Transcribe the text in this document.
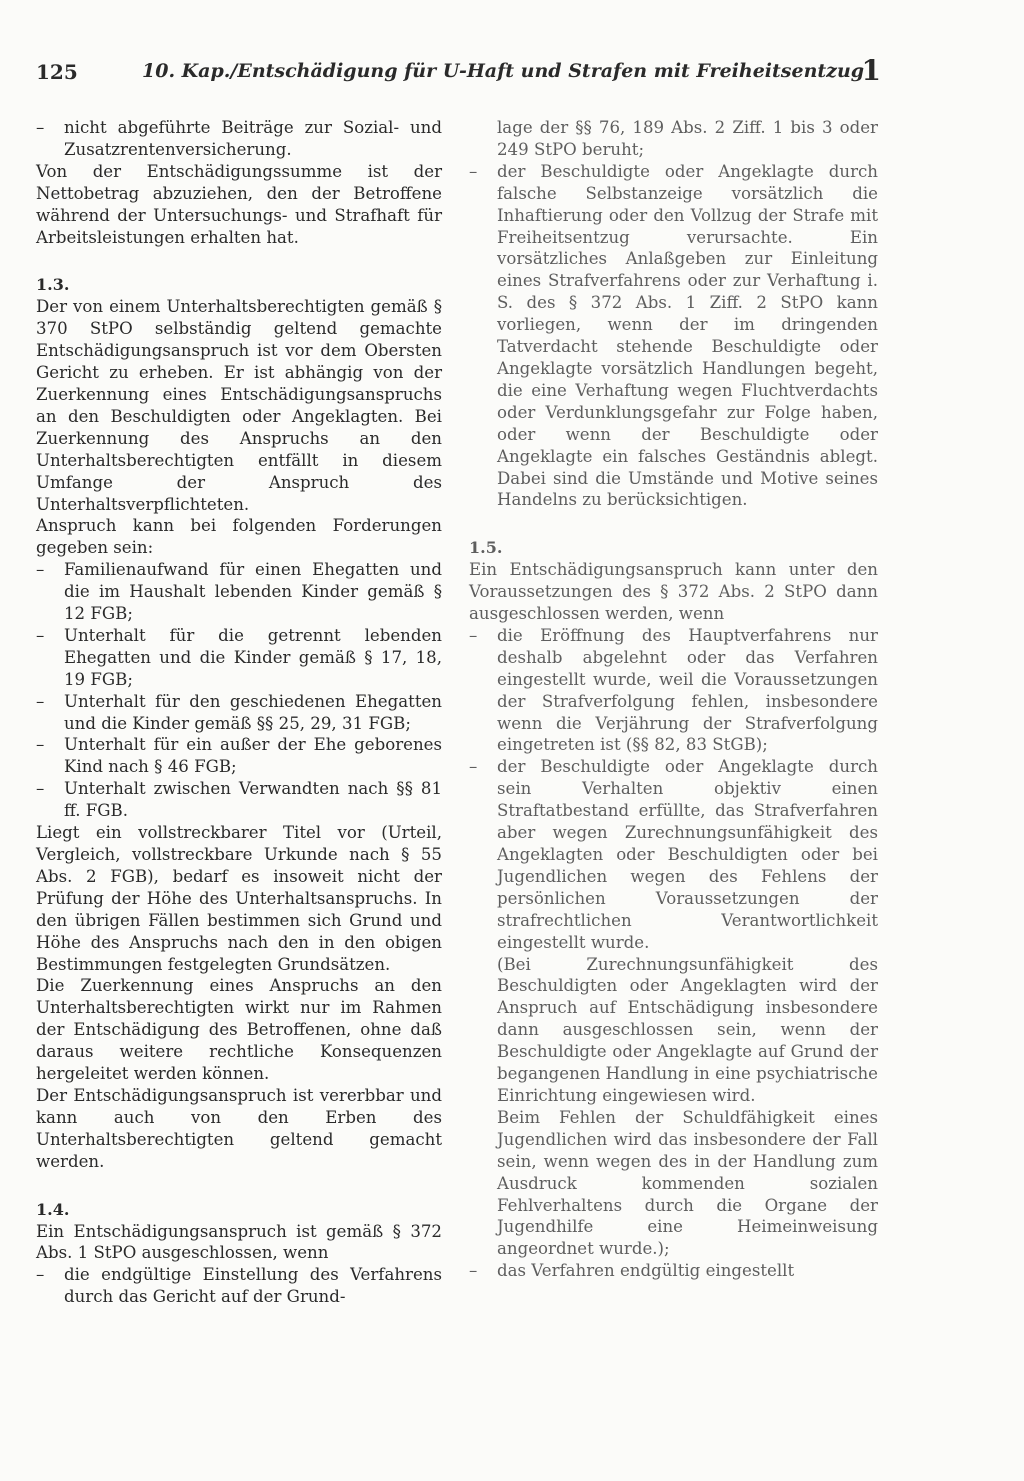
125	10. Kap./Entschädigung für U-Haft und Strafen mit Freiheitsentzug
1

– nicht abgeführte Beiträge zur Sozial- und Zusatzrentenversicherung.

Von der Entschädigungssumme ist der Nettobetrag abzuziehen, den der Betroffene während der Untersuchungs- und Strafhaft für Arbeitsleistungen erhalten hat.

1.3.

Der von einem Unterhaltsberechtigten gemäß § 370 StPO selbständig geltend gemachte Entschädigungsanspruch ist vor dem Obersten Gericht zu erheben. Er ist abhängig von der Zuerkennung eines Entschädigungsanspruchs an den Beschuldigten oder Angeklagten. Bei Zuerkennung des Anspruchs an den Unterhaltsberechtigten entfällt in diesem Umfange der Anspruch des Unterhaltsverpflichteten.

Anspruch kann bei folgenden Forderungen gegeben sein:

– Familienaufwand für einen Ehegatten und die im Haushalt lebenden Kinder gemäß § 12 FGB;

– Unterhalt für die getrennt lebenden Ehegatten und die Kinder gemäß § 17, 18, 19 FGB;

– Unterhalt für den geschiedenen Ehegatten und die Kinder gemäß §§ 25, 29, 31 FGB;

– Unterhalt für ein außer der Ehe geborenes Kind nach § 46 FGB;

– Unterhalt zwischen Verwandten nach §§ 81 ff. FGB.

Liegt ein vollstreckbarer Titel vor (Urteil, Vergleich, vollstreckbare Urkunde nach § 55 Abs. 2 FGB), bedarf es insoweit nicht der Prüfung der Höhe des Unterhaltsanspruchs. In den übrigen Fällen bestimmen sich Grund und Höhe des Anspruchs nach den in den obigen Bestimmungen festgelegten Grundsätzen.

Die Zuerkennung eines Anspruchs an den Unterhaltsberechtigten wirkt nur im Rahmen der Entschädigung des Betroffenen, ohne daß daraus weitere rechtliche Konsequenzen hergeleitet werden können.

Der Entschädigungsanspruch ist vererbbar und kann auch von den Erben des Unterhaltsberechtigten geltend gemacht werden.

1.4.

Ein Entschädigungsanspruch ist gemäß § 372 Abs. 1 StPO ausgeschlossen, wenn

– die endgültige Einstellung des Verfahrens durch das Gericht auf der Grund-

lage der §§ 76, 189 Abs. 2 Ziff. 1 bis 3 oder 249 StPO beruht;

– der Beschuldigte oder Angeklagte durch falsche Selbstanzeige vorsätzlich die Inhaftierung oder den Vollzug der Strafe mit Freiheitsentzug verursachte. Ein vorsätzliches Anlaßgeben zur Einleitung eines Strafverfahrens oder zur Verhaftung i. S. des § 372 Abs. 1 Ziff. 2 StPO kann vorliegen, wenn der im dringenden Tatverdacht stehende Beschuldigte oder Angeklagte vorsätzlich Handlungen begeht, die eine Verhaftung wegen Fluchtverdachts oder Verdunklungsgefahr zur Folge haben, oder wenn der Beschuldigte oder Angeklagte ein falsches Geständnis ablegt. Dabei sind die Umstände und Motive seines Handelns zu berücksichtigen.

1.5.

Ein Entschädigungsanspruch kann unter den Voraussetzungen des § 372 Abs. 2 StPO dann ausgeschlossen werden, wenn

– die Eröffnung des Hauptverfahrens nur deshalb abgelehnt oder das Verfahren eingestellt wurde, weil die Voraussetzungen der Strafverfolgung fehlen, insbesondere wenn die Verjährung der Strafverfolgung eingetreten ist (§§ 82, 83 StGB);

– der Beschuldigte oder Angeklagte durch sein Verhalten objektiv einen Straftatbestand erfüllte, das Strafverfahren aber wegen Zurechnungsunfähigkeit des Angeklagten oder Beschuldigten oder bei Jugendlichen wegen des Fehlens der persönlichen Voraussetzungen der strafrechtlichen Verantwortlichkeit eingestellt wurde.

(Bei Zurechnungsunfähigkeit des Beschuldigten oder Angeklagten wird der Anspruch auf Entschädigung insbesondere dann ausgeschlossen sein, wenn der Beschuldigte oder Angeklagte auf Grund der begangenen Handlung in eine psychiatrische Einrichtung eingewiesen wird.

Beim Fehlen der Schuldfähigkeit eines Jugendlichen wird das insbesondere der Fall sein, wenn wegen des in der Handlung zum Ausdruck kommenden sozialen Fehlverhaltens durch die Organe der Jugendhilfe eine Heimeinweisung angeordnet wurde.);

– das Verfahren endgültig eingestellt
